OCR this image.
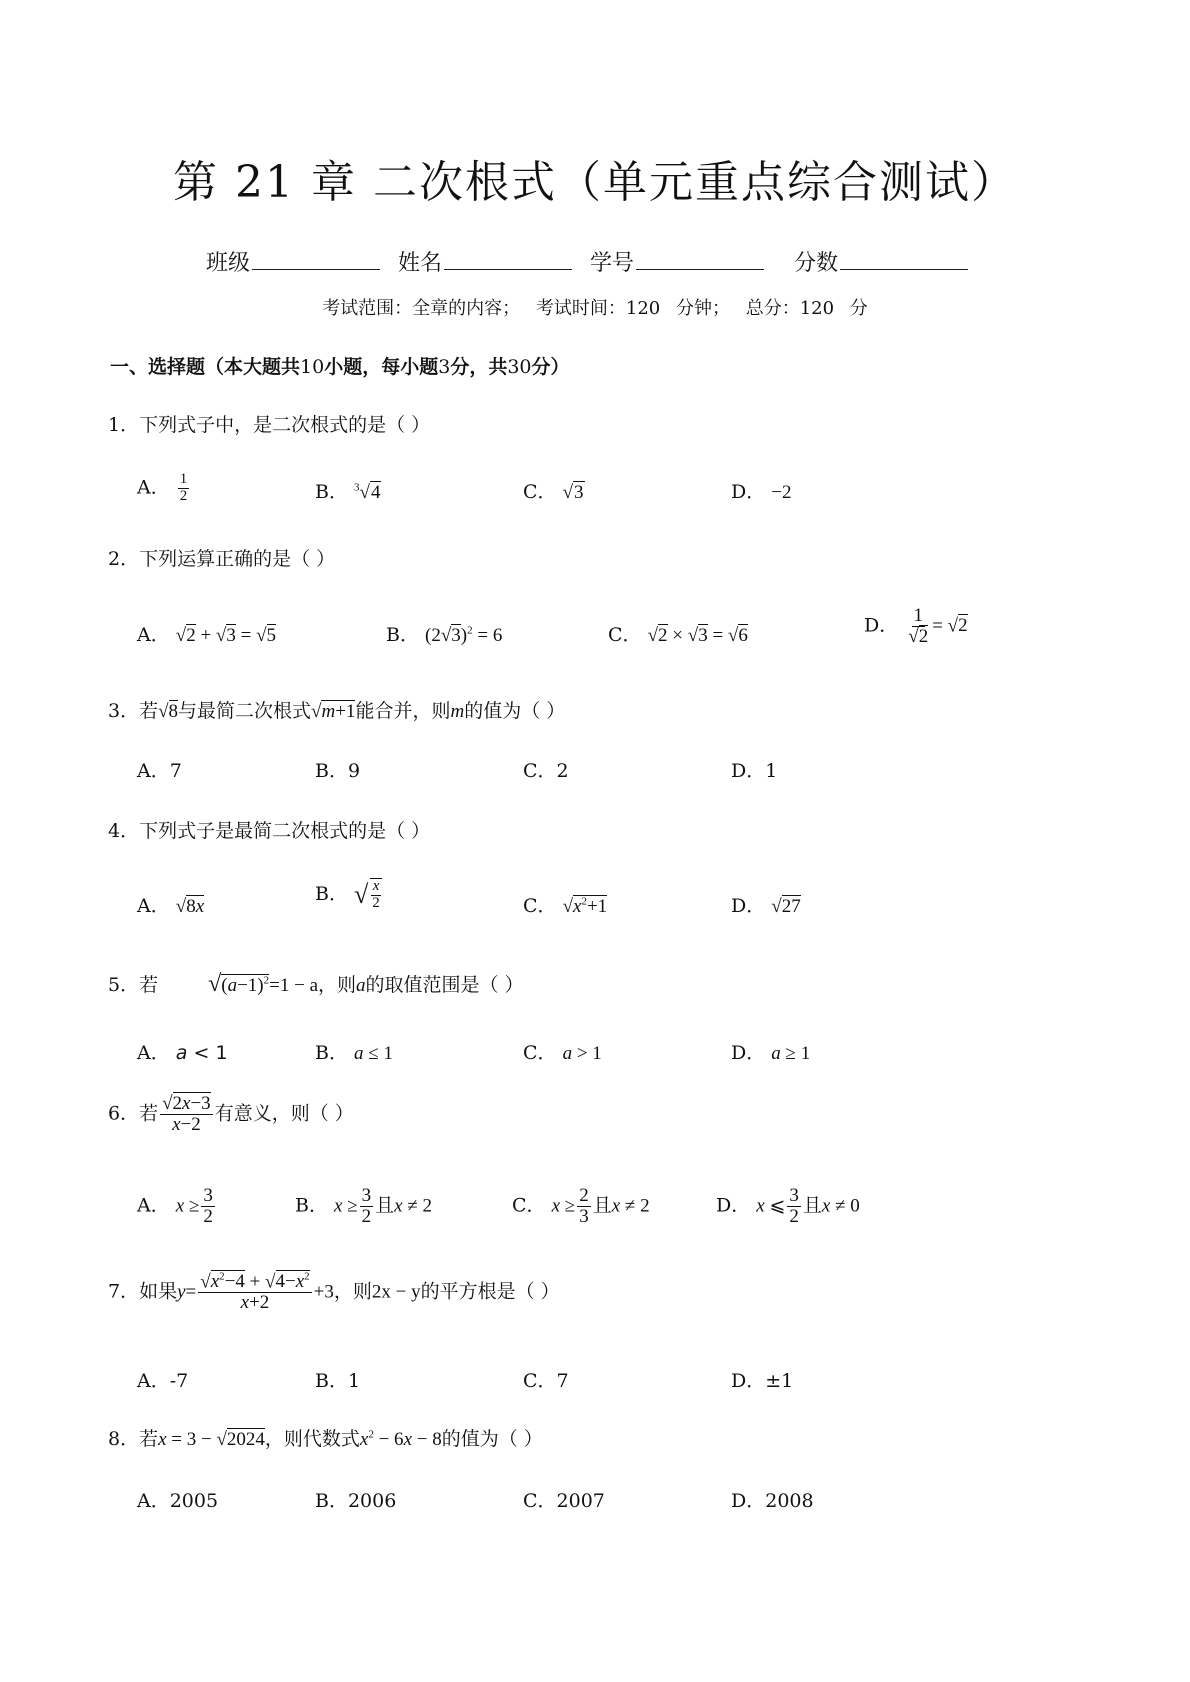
第 21 章 二次根式（单元重点综合测试）
班级	姓名	学号	分数
考试范围：全章的内容； 考试时间：120 分钟； 总分：120 分
一、选择题（本大题共10小题，每小题3分，共30分）
1．下列式子中，是二次根式的是（ ）
A． $\frac{1}{2}$	B． $^3$√4	C． √3	D． −2
2．下列运算正确的是（ ）
A． √2 + √3 = √5	B． $(2√3)^2 = 6$	C． √2 × √3 = √6	D． $\frac{1}{√2} = √2$
3．若√8与最简二次根式√m+1能合并，则m的值为（ ）
A．7	B．9	C．2	D．1
4．下列式子是最简二次根式的是（ ）
A． √8x
B． √ $\frac{x}{2}$	C． $√x^2+1$	D． √27
5．若 $√(a-1)^2=1 - a$，则a的取值范围是（ ）
A． a < 1	B． a ≤ 1	C． a > 1	D． a ≥ 1
6．若 $\frac{√2x-3}{x-2}$ 有意义，则（ ）
A． $x \ge \frac{3}{2}$	B． $x \ge \frac{3}{2}$ 且x ≠ 2	C． $x \ge \frac{2}{3}$ 且x ≠ 2	D． x ⩽ $\frac{3}{2}$ 且x ≠ 0
7．如果$y= \frac{√x^2-4 + √4-x^2}{x+2} +3$，则2x − y的平方根是（ ）
A．-7	B．1	C．7	D．±1
8．若x = 3 − √2024，则代数式$x^2 - 6x - 8$的值为（ ）
A．2005	B．2006	C．2007	D．2008
